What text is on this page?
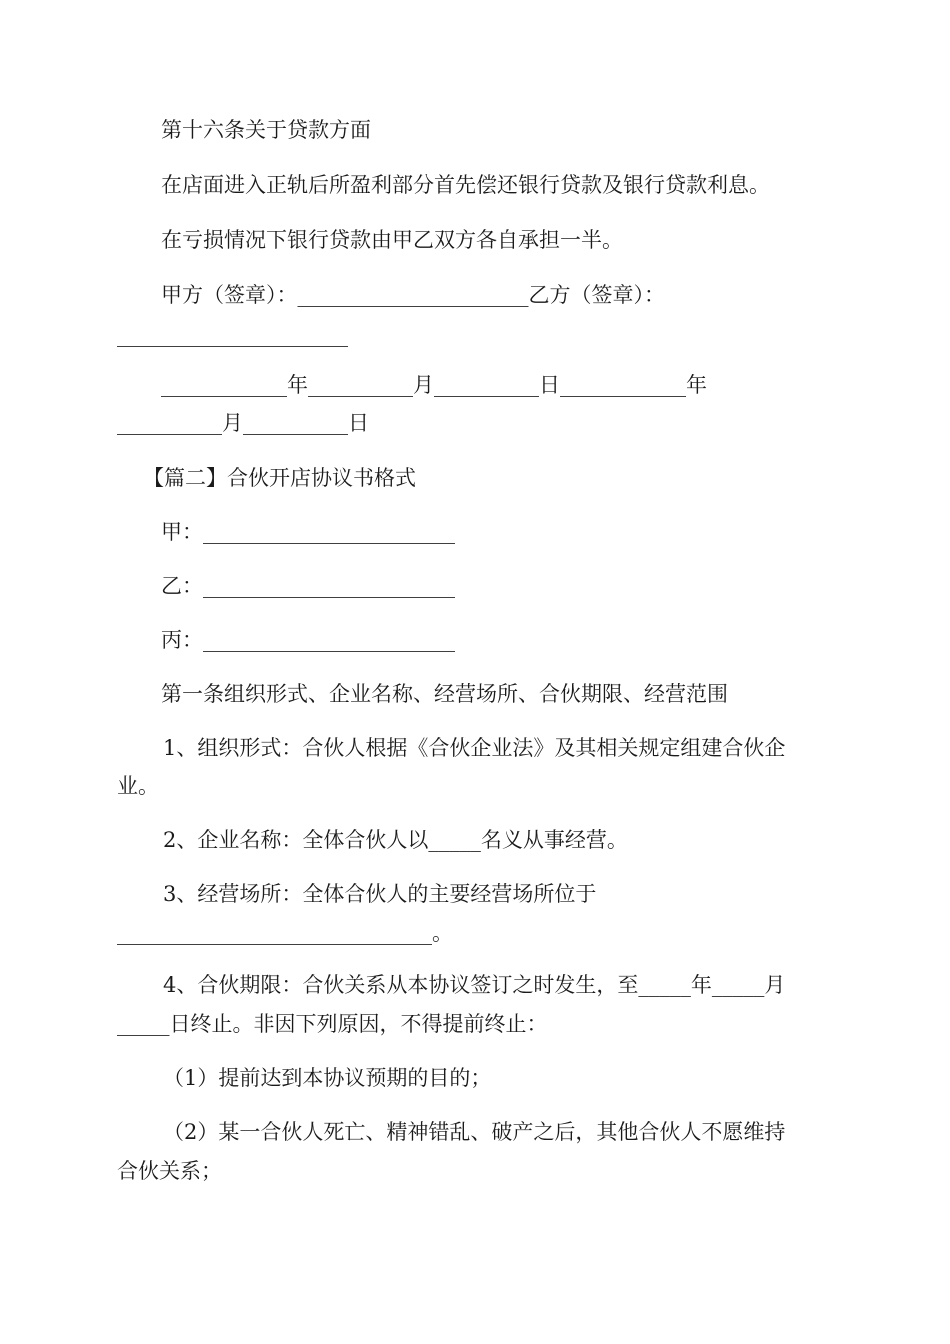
第十六条关于贷款方面
在店面进入正轨后所盈利部分首先偿还银行贷款及银行贷款利息。
在亏损情况下银行贷款由甲乙双方各自承担一半。
甲方（签章）：______________________乙方（签章）：
______________________
____________年__________月__________日____________年
__________月__________日
【篇二】合伙开店协议书格式
甲：________________________
乙：________________________
丙：________________________
第一条组织形式、企业名称、经营场所、合伙期限、经营范围
1、组织形式：合伙人根据《合伙企业法》及其相关规定组建合伙企
业。
2、企业名称：全体合伙人以_____名义从事经营。
3、经营场所：全体合伙人的主要经营场所位于
______________________________。
4、合伙期限：合伙关系从本协议签订之时发生，至_____年_____月
_____日终止。非因下列原因，不得提前终止：
（1）提前达到本协议预期的目的；
（2）某一合伙人死亡、精神错乱、破产之后，其他合伙人不愿维持
合伙关系；
